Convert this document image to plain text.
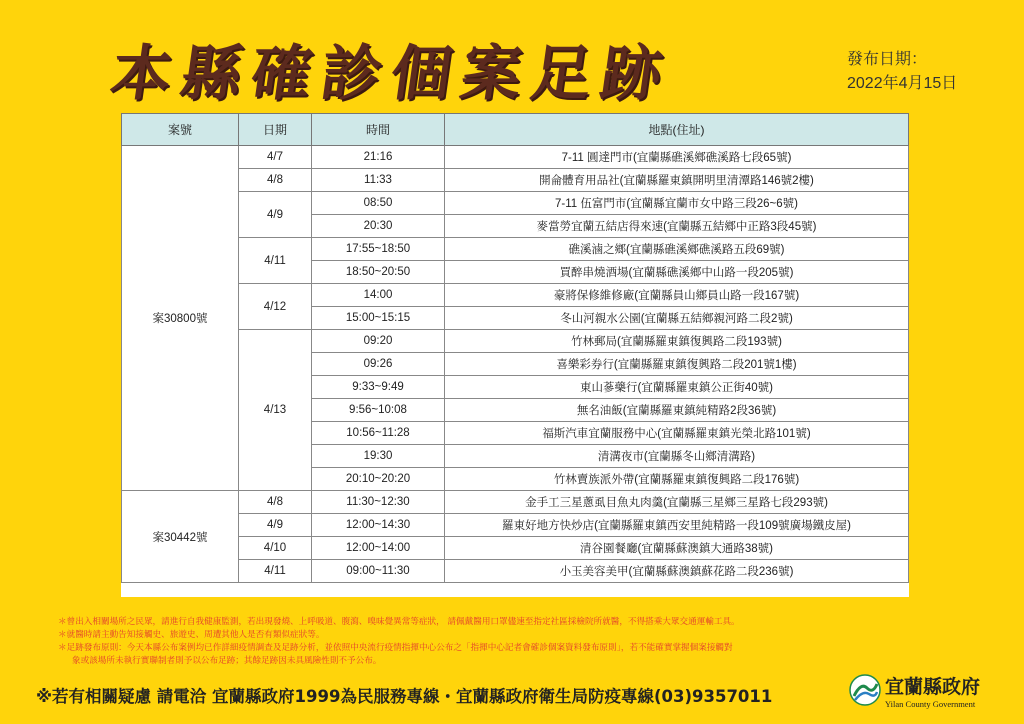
本縣確診個案足跡	發布日期：
2022年4月15日
案號	日期	時間	地點(住址)
案30800號	4/7	21:16	7-11 圓達門市(宜蘭縣礁溪鄉礁溪路七段65號)
	4/8	11:33	開侖體育用品社(宜蘭縣羅東鎮開明里清潭路146號2樓)
	4/9	08:50	7-11 伍富門市(宜蘭縣宜蘭市女中路三段26~6號)
		20:30	麥當勞宜蘭五結店得來速(宜蘭縣五結鄉中正路3段45號)
	4/11	17:55~18:50	礁溪滷之鄉(宜蘭縣礁溪鄉礁溪路五段69號)
		18:50~20:50	買醉串燒酒場(宜蘭縣礁溪鄉中山路一段205號)
	4/12	14:00	豪將保修維修廠(宜蘭縣員山鄉員山路一段167號)
		15:00~15:15	冬山河親水公園(宜蘭縣五結鄉親河路二段2號)
	4/13	09:20	竹林郵局(宜蘭縣羅東鎮復興路二段193號)
		09:26	喜樂彩券行(宜蘭縣羅東鎮復興路二段201號1樓)
		9:33~9:49	東山蔘藥行(宜蘭縣羅東鎮公正街40號)
		9:56~10:08	無名油飯(宜蘭縣羅東鎮純精路2段36號)
		10:56~11:28	福斯汽車宜蘭服務中心(宜蘭縣羅東鎮光榮北路101號)
		19:30	清溝夜市(宜蘭縣冬山鄉清溝路)
		20:10~20:20	竹林賣族派外帶(宜蘭縣羅東鎮復興路二段176號)
案30442號	4/8	11:30~12:30	金手工三星蔥虱目魚丸肉羹(宜蘭縣三星鄉三星路七段293號)
	4/9	12:00~14:30	羅東好地方快炒店(宜蘭縣羅東鎮西安里純精路一段109號廣場鐵皮屋)
	4/10	12:00~14:00	清谷園餐廳(宜蘭縣蘇澳鎮大通路38號)
	4/11	09:00~11:30	小玉美容美甲(宜蘭縣蘇澳鎮蘇花路二段236號)
＊曾出入相關場所之民眾，請進行自我健康監測，若出現發燒、上呼吸道、腹瀉、嗅味覺異常等症狀， 請佩戴醫用口罩儘速至指定社區採檢院所就醫，不得搭乘大眾交通運輸工具。
＊就醫時請主動告知接觸史、旅遊史、周遭其他人是否有類似症狀等。
＊足跡發布原則：今天本縣公布案例均已作詳細疫情調查及足跡分析，並依照中央流行疫情指揮中心公布之「指揮中心記者會確診個案資料發布原則」，若不能確實掌握個案接觸對
象或該場所未執行實聯制者則予以公布足跡；其餘足跡因未具風險性則不予公布。
※若有相關疑慮 請電洽 宜蘭縣政府1999為民服務專線・宜蘭縣政府衛生局防疫專線(03)9357011	宜蘭縣政府
Yilan County Government
